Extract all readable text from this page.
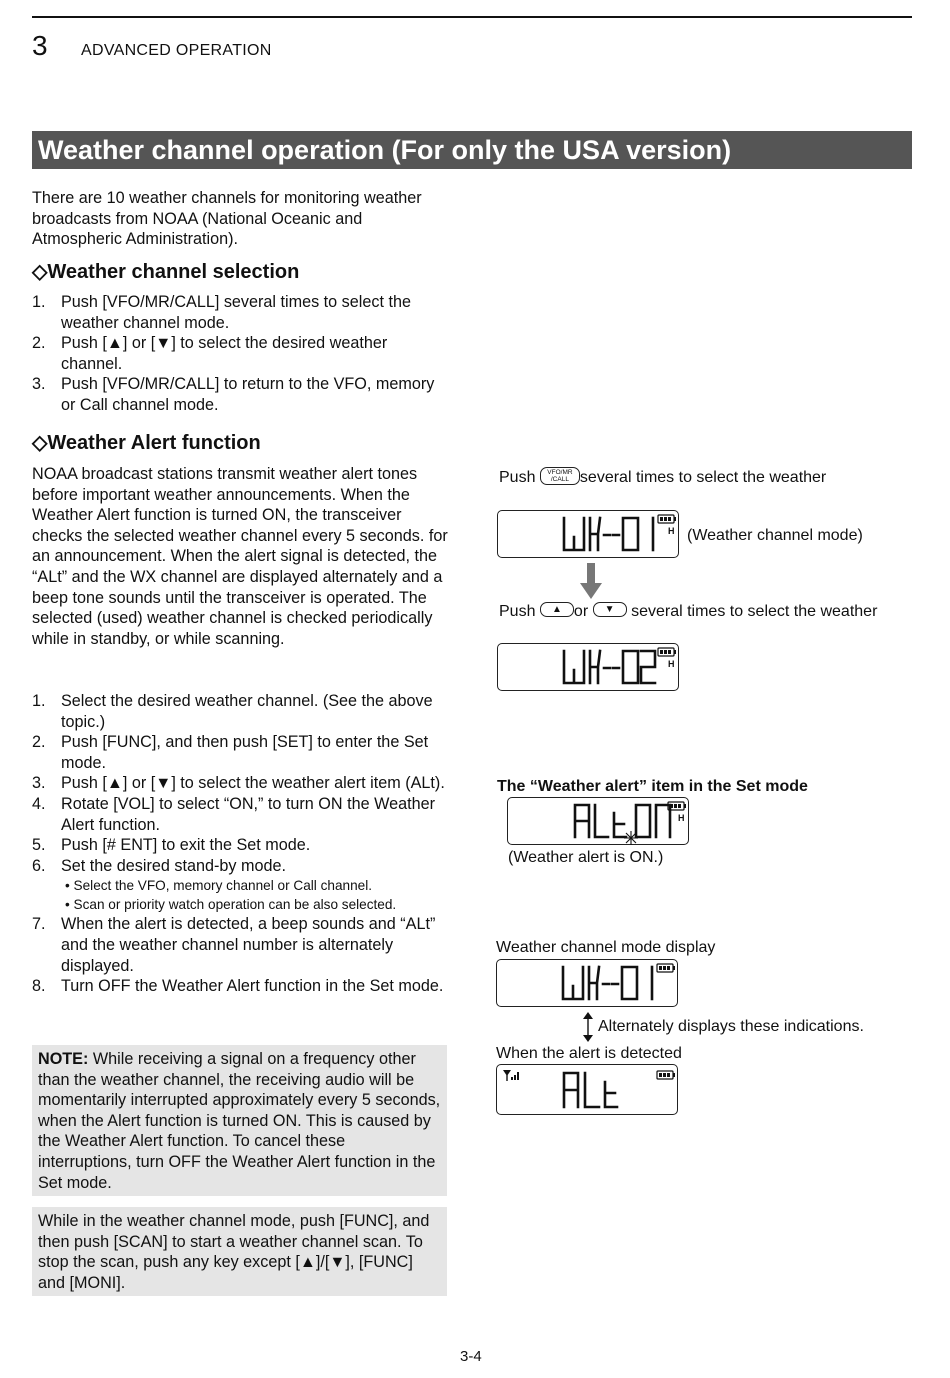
3 ADVANCED OPERATION
Weather channel operation (For only the USA version)
There are 10 weather channels for monitoring weather broadcasts from NOAA (National Oceanic and Atmospheric Administration).
◇Weather channel selection
1. Push [VFO/MR/CALL] several times to select the weather channel mode.
2. Push [▲] or [▼] to select the desired weather channel.
3. Push [VFO/MR/CALL] to return to the VFO, memory or Call channel mode.
◇Weather Alert function
NOAA broadcast stations transmit weather alert tones before important weather announcements. When the Weather Alert function is turned ON, the transceiver checks the selected weather channel every 5 seconds. for an announcement. When the alert signal is detected, the “ALt” and the WX channel are displayed alternately and a beep tone sounds until the transceiver is operated. The selected (used) weather channel is checked periodically while in standby, or while scanning.
1. Select the desired weather channel. (See the above topic.)
2. Push [FUNC], and then push [SET] to enter the Set mode.
3. Push [▲] or [▼] to select the weather alert item (ALt).
4. Rotate [VOL] to select “ON,” to turn ON the Weather Alert function.
5. Push [# ENT] to exit the Set mode.
6. Set the desired stand-by mode.
• Select the VFO, memory channel or Call channel.
• Scan or priority watch operation can be also selected.
7. When the alert is detected, a beep sounds and “ALt” and the weather channel number is alternately displayed.
8. Turn OFF the Weather Alert function in the Set mode.
NOTE: While receiving a signal on a frequency other than the weather channel, the receiving audio will be momentarily interrupted approximately every 5 seconds, when the Alert function is turned ON. This is caused by the Weather Alert function. To cancel these interruptions, turn OFF the Weather Alert function in the Set mode.
While in the weather channel mode, push [FUNC], and then push [SCAN] to start a weather channel scan. To stop the scan, push any key except [▲]/[▼], [FUNC] and [MONI].
Push VFO/MR
/CALL several times to select the weather
H (Weather channel mode)
Push ▲ or ▼ several times to select the weather
H
The “Weather alert” item in the Set mode
H
(Weather alert is ON.)
Weather channel mode display
Alternately displays these indications.
When the alert is detected
3-4
